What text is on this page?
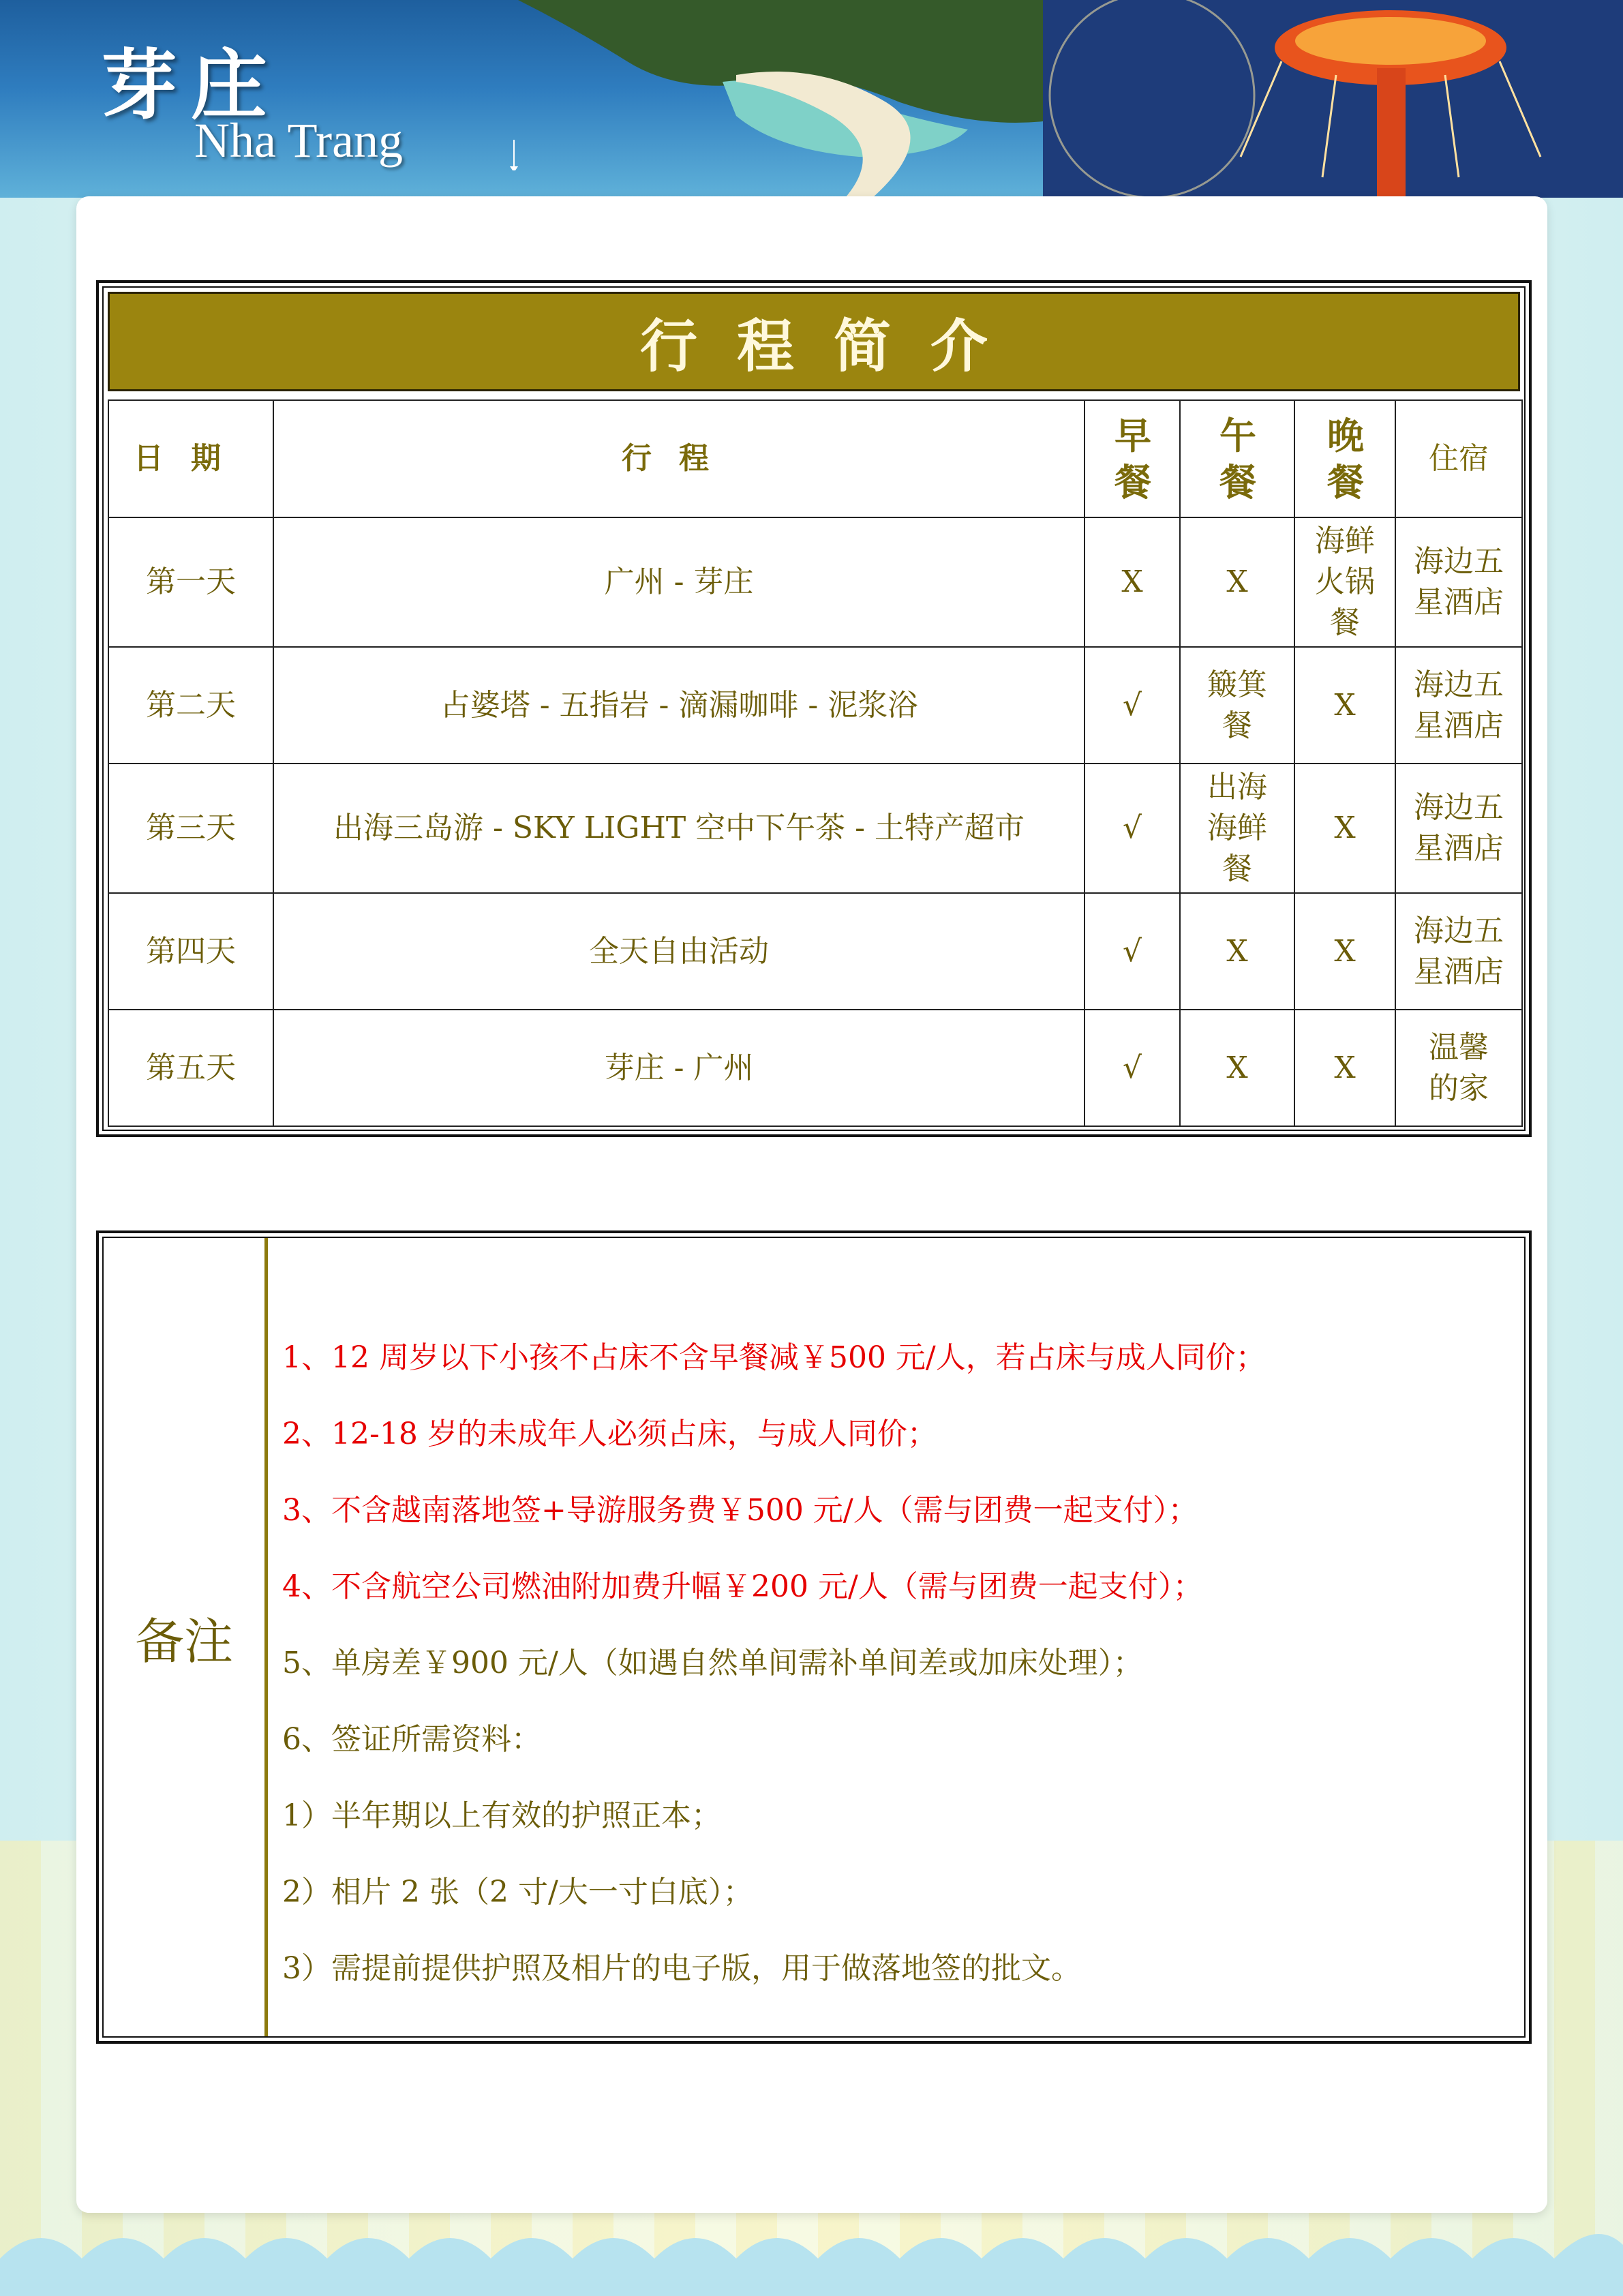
芽庄
Nha Trang
行程简介
日期	行程	早餐	午餐	晚餐	住宿
第一天	广州 - 芽庄	X	X	海鲜火锅餐	海边五星酒店
第二天	占婆塔 - 五指岩 - 滴漏咖啡 - 泥浆浴	√	簸箕餐	X	海边五星酒店
第三天	出海三岛游 - SKY LIGHT 空中下午茶 - 土特产超市	√	出海海鲜餐	X	海边五星酒店
第四天	全天自由活动	√	X	X	海边五星酒店
第五天	芽庄 - 广州	√	X	X	温馨的家
备注
1、12 周岁以下小孩不占床不含早餐减￥500 元/人，若占床与成人同价；
2、12-18 岁的未成年人必须占床，与成人同价；
3、不含越南落地签+导游服务费￥500 元/人（需与团费一起支付）；
4、不含航空公司燃油附加费升幅￥200 元/人（需与团费一起支付）；
5、单房差￥900 元/人（如遇自然单间需补单间差或加床处理）；
6、签证所需资料：
1）半年期以上有效的护照正本；
2）相片 2 张（2 寸/大一寸白底）；
3）需提前提供护照及相片的电子版，用于做落地签的批文。
